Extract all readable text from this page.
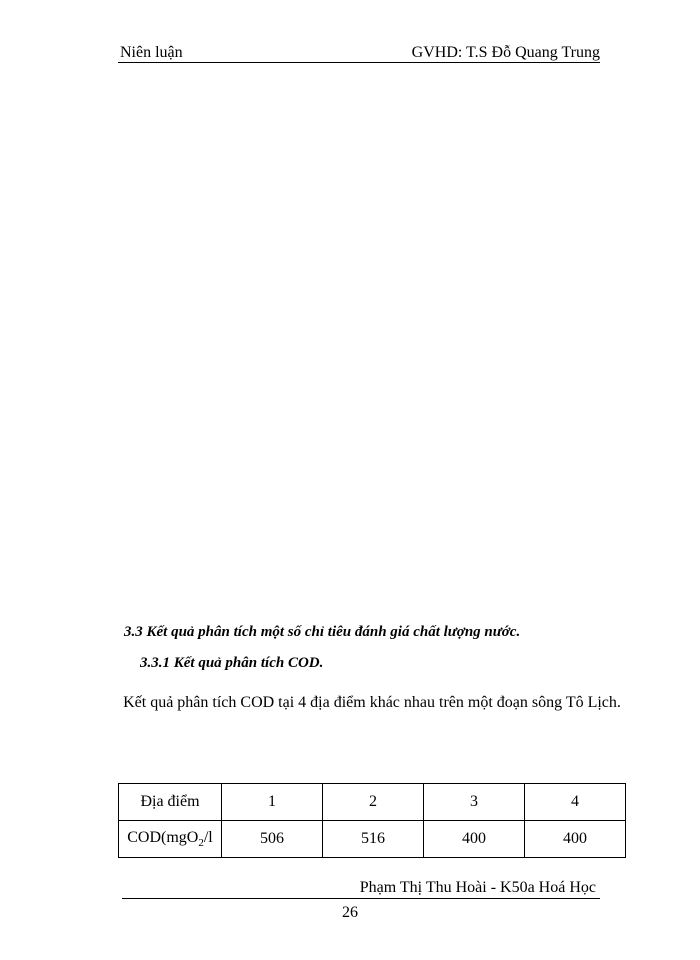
Niên luận	GVHD: T.S Đỗ Quang Trung
3.3 Kết quả phân tích một số chỉ tiêu đánh giá chất lượng nước.
3.3.1 Kết quả phân tích COD.
Kết quả phân tích COD tại 4 địa điểm khác nhau trên một đoạn sông Tô Lịch.
Địa điểm	1	2	3	4
COD(mgO$_2$/l	506	516	400	400
Phạm Thị Thu Hoài - K50a Hoá Học
26
